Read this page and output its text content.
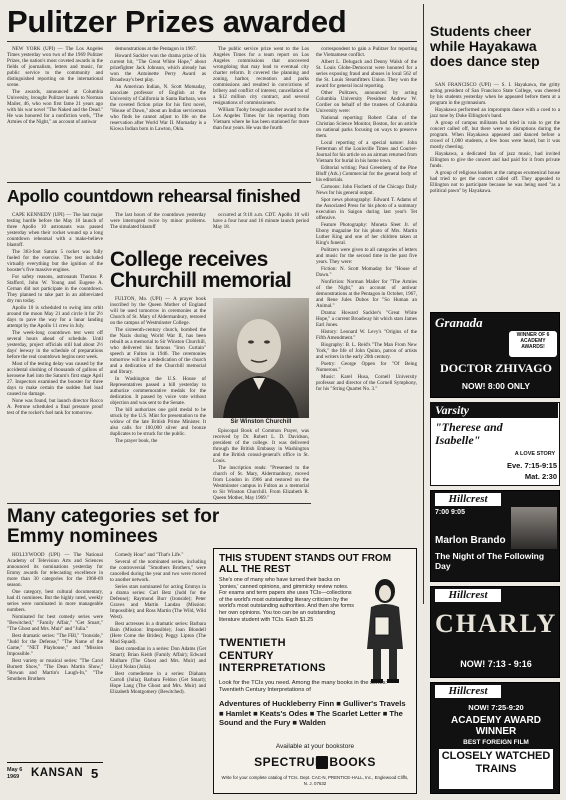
Pulitzer Prizes awarded

NEW YORK (UPI) — The Los Angeles Times yesterday won two of the 1969 Pulitzer Prizes, the nation's most coveted awards in the fields of journalism, letters and music, for public service to the community and distinguished reporting on the international scene.

The awards, announced at Columbia University, brought Pulitzer laurels to Norman Mailer, 46, who won first fame 21 years ago with his war novel "The Naked and the Dead." He was honored for a nonfiction work, "The Armies of the Night," an account of antiwar

demonstrations at the Pentagon in 1967.

Howard Sackler won the drama prize of his current hit, "The Great White Hope," about prizefighter Jack Johnson, which already has won the Antoinette Perry Award as Broadway's best play.

An American Indian, N. Scott Momaday, associate professor of English at the University of California in Santa Barbara, won the coveted fiction prize for his first novel, "House of Dawn," about an Indian serviceman who finds he cannot adjust to life on the reservation after World War II. Momaday is a Kiowa Indian born in Lawton, Okla.

The public service prize went to the Los Angeles Times for a team report on Los Angeles commissions that uncovered wrongdoing that may lead to eventual city charter reform. It covered the planning and zoning, harbor, recreation and parks commissions and resulted in convictions of bribery and conflict of interest, cancellation of a $12 million city contract, and several resignations of commissioners.

William Tuohy brought another award to the Los Angeles Times for his reporting from Vietnam where he has been stationed for more than four years. He was the fourth

correspondent to gain a Pulitzer for reporting the Vietnamese conflict.

Albert L. Delugach and Denny Walsh of the St. Louis Globe-Democrat were honored for a series exposing fraud and abuses in local 562 of the St. Louis Steamfitters Union. They won the award for general local reporting.

Other Pulitzers, announced by acting Columbia University President Andrew W. Cordier on behalf of the trustees of Columbia University were:

National reporting: Robert Cahn of the Christian Science Monitor, Boston, for an article on national parks focusing on ways to preserve them.

Local reporting of a special nature: John Fetterman of the Louisville Times and Courier-Journal for his article on an airman returned from Vietnam for burial in his home town.

Editorial writing: Paul Greenberg of the Pine Bluff (Ark.) Commercial for the general body of his editorials.

Cartoons: John Fischetti of the Chicago Daily News for his general output.

Spot news photography: Edward T. Adams of the Associated Press for his photo of a summary execution in Saigon during last year's Tet offensive.

Feature Photography: Moneta Sleet Jr. of Ebony magazine for his photo of Mrs. Martin Luther King and one of her children taken at King's funeral.

Pulitzers were given to all categories of letters and music for the second time in the past five years. They were:

Fiction: N. Scott Momaday for "House of Dawn."

Nonfiction: Norman Mailer for "The Armies of the Night," an account of antiwar demonstrations at the Pentagon in October, 1967, and Rene Jules Dubos for "So Human an Animal."

Drama: Howard Sackler's "Great White Hope," a current Broadway hit which stars James Earl Jones.

History: Leonard W. Levy's "Origins of the Fifth Amendment."

Biography: B. L. Reid's "The Man From New York," the life of John Quinn, patron of artists and writers in the early 20th century.

Poetry: George Oppen for "Of Being Numerous."

Music: Karel Husa, Cornell University professor and director of the Cornell Symphony, for his "String Quartet No. 3."

Students cheer while Hayakawa does dance step

SAN FRANCISCO (UPI) — S. I. Hayakawa, the gritty acting president of San Francisco State College, was cheered by his students yesterday when he appeared before them at a program in the gymnasium.

Hayakawa performed an impromptu dance with a coed to a jazz tune by Duke Ellington's band.

A group of campus militants had tried in vain to get the concert called off, but there were no disruptions during the program. When Hayakawa appeared and danced before a crowd of 1,000 students, a few boos were heard, but it was mostly cheering.

Hayakawa, a dedicated fan of jazz music, had invited Ellington to give the concert and had paid for it from private funds.

A group of religious leaders at the campus ecumenical house had tried to get the concert called off. They appealed to Ellington not to participate because he was being used "as a political pawn" by Hayakawa.

Apollo countdown rehearsal finished

CAPE KENNEDY (UPI) — The last major testing hurdle before the May 18 launch of three Apollo 10 astronauts was passed yesterday when their rocket wound up a long countdown rehearsal with a make-believe blastoff.

The 363-foot Saturn 5 rocket was fully fueled for the exercise. The test included virtually everything but the ignition of the booster's five massive engines.

For safety reasons, astronauts Thomas P. Stafford, John W. Young and Eugene A. Cernan did not participate in the countdown. They planned to take part in an abbreviated dry run today.

Apollo 10 is scheduled to swing into orbit around the moon May 21 and circle it for 2½ days to pave the way for a lunar landing attempt by the Apollo 11 crew in July.

The week-long countdown test went off several hours ahead of schedule. Until yesterday, project officials still had about 2½ days' leeway in the schedule of preparations before the real countdown begins next week.

Most of the testing delay was caused by the accidental sloshing of thousands of gallons of kerosene fuel into the Saturn's first stage April 27. Inspectors examined the booster for three days to make certain the sudden fuel load caused no damage.

None was found, but launch director Rocco A. Petrone scheduled a final pressure proof test of the rocket's fuel tank for tomorrow.

The last hours of the countdown yesterday were interrupted twice by minor problems. The simulated blastoff

occurred at 9:18 a.m. CDT. Apollo 10 will have a four hour and 16 minute launch period May 18.

College receives Churchill memorial

FULTON, Mo. (UPI) — A prayer book inscribed by the Queen Mother of England will be used tomorrow in ceremonies at the Church of St. Mary of Aldermanbury, restored on the campus of Westminster College.

The sixteenth-century church, bombed the the Nazis during World War II, has been rebuilt as a memorial to Sir Winston Churchill, who delivered his famous "Iron Curtain" speech at Fulton in 1946. The ceremonies tomorrow will be a rededication of the church and a dedication of the Churchill memorial and library.

In Washington the U.S. House of Representatives passed a bill yesterday to authorize commemorative medals for the dedication. It passed by voice vote without objection and was sent to the Senate.

The bill authorizes one gold medal to be struck by the U.S. Mint for presentation to the widow of the late British Prime Minister. It also calls for 100,000 silver and bronze duplicates to be struck for the public.

The prayer book, the

Sir Winston Churchill

Episcopal Book of Common Prayer, was received by Dr. Robert L. D. Davidson, president of the college. It was delivered through the British Embassy in Washington and the British consul-general's office in St. Louis.

The inscription reads: "Presented to the church of St. Mary, Aldermanbury, moved from London in 1966 and restored on the Westminster campus in Fulton as a memorial to Sir Winston Churchill. From Elizabeth R. Queen Mother, May 1969."

Many categories set for Emmy nominees

HOLLYWOOD (UPI) — The National Academy of Television Arts and Sciences announced its nominations yesterday for Emmy awards for telecasting excellence in more than 30 categories for the 1968-69 season.

One category, best cultural documentary, had 41 nominees. But the highly rated, weekly series were nominated in more manageable numbers.

Nominated for best comedy series were "Bewitched," "Family Affair," "Get Smart," "The Ghost and Mrs. Muir" and "Julia."

Best dramatic series: "The FBI," "Ironside," "Judd for the Defense," "The Name of the Game," "NET Playhouse," and "Mission Impossible."

Best variety or musical series: "The Carol Burnett Show," "The Dean Martin Show," "Rowan and Martin's Laugh-In," "The Smothers Brothers

Comedy Hour" and "That's Life."

Several of the nominated series, including the controversial "Smothers Brothers," were cancelled during the year and two were moved to another network.

Series stars nominated for acting Emmys in a drama series: Carl Betz (Judd for the Defense); Raymond Burr (Ironside); Peter Graves and Martin Landau (Mission: Impossible); and Ross Martin (The Wild, Wild West).

Best actresses in a dramatic series: Barbara Bain (Mission: Impossible); Joan Blondell (Here Come the Brides); Peggy Lipton (The Mod Squad).

Best comedian in a series: Don Adams (Get Smart); Brian Keith (Family Affair); Edward Mulhare (The Ghost and Mrs. Muir) and Lloyd Nolan (Julia).

Best comedienne in a series: Diahann Carroll (Julia); Barbara Feldon (Get Smart); Hope Lang (The Ghost and Mrs. Muir) and Elizabeth Montgomery (Bewitched).

May 6 1969	KANSAN 5
THIS STUDENT STANDS OUT FROM ALL THE REST
She's one of many who have turned their backs on 'ponies,' canned opinions, and gimmicky review notes. For exams and term papers she uses TCIs—collections of the world's most outstanding literary criticism by the world's most outstanding authorities. And then she forms her own opinions. You too can be an outstanding literature student with TCIs. Each $1.25
TWENTIETH
CENTURY
INTERPRETATIONS
Look for the TCIs you need. Among the many books in the series: Twentieth Century Interpretations of
Adventures of Huckleberry Finn ■ Gulliver's Travels ■ Hamlet ■ Keats's Odes ■ The Scarlet Letter ■ The Sound and the Fury ■ Walden
Available at your bookstore
SPECTRUM BOOKS
Write for your complete catalog of TCIs. Dept. CAC-N, PRENTICE-HALL, Inc., Englewood Cliffs, N. J. 07632
Granada
WINNER OF 6 ACADEMY AWARDS!
DOCTOR ZHIVAGO
NOW! 8:00 ONLY
Varsity
"Therese and Isabelle"
A LOVE STORY
Eve. 7:15-9:15
Mat. 2:30
Hillcrest
7:00 9:05
Marlon Brando
The Night of The Following Day
Hillcrest
CHARLY
NOW! 7:13 - 9:16
Hillcrest
NOW! 7:25-9:20
ACADEMY AWARD WINNER
BEST FOREIGN FILM
CLOSELY WATCHED TRAINS
